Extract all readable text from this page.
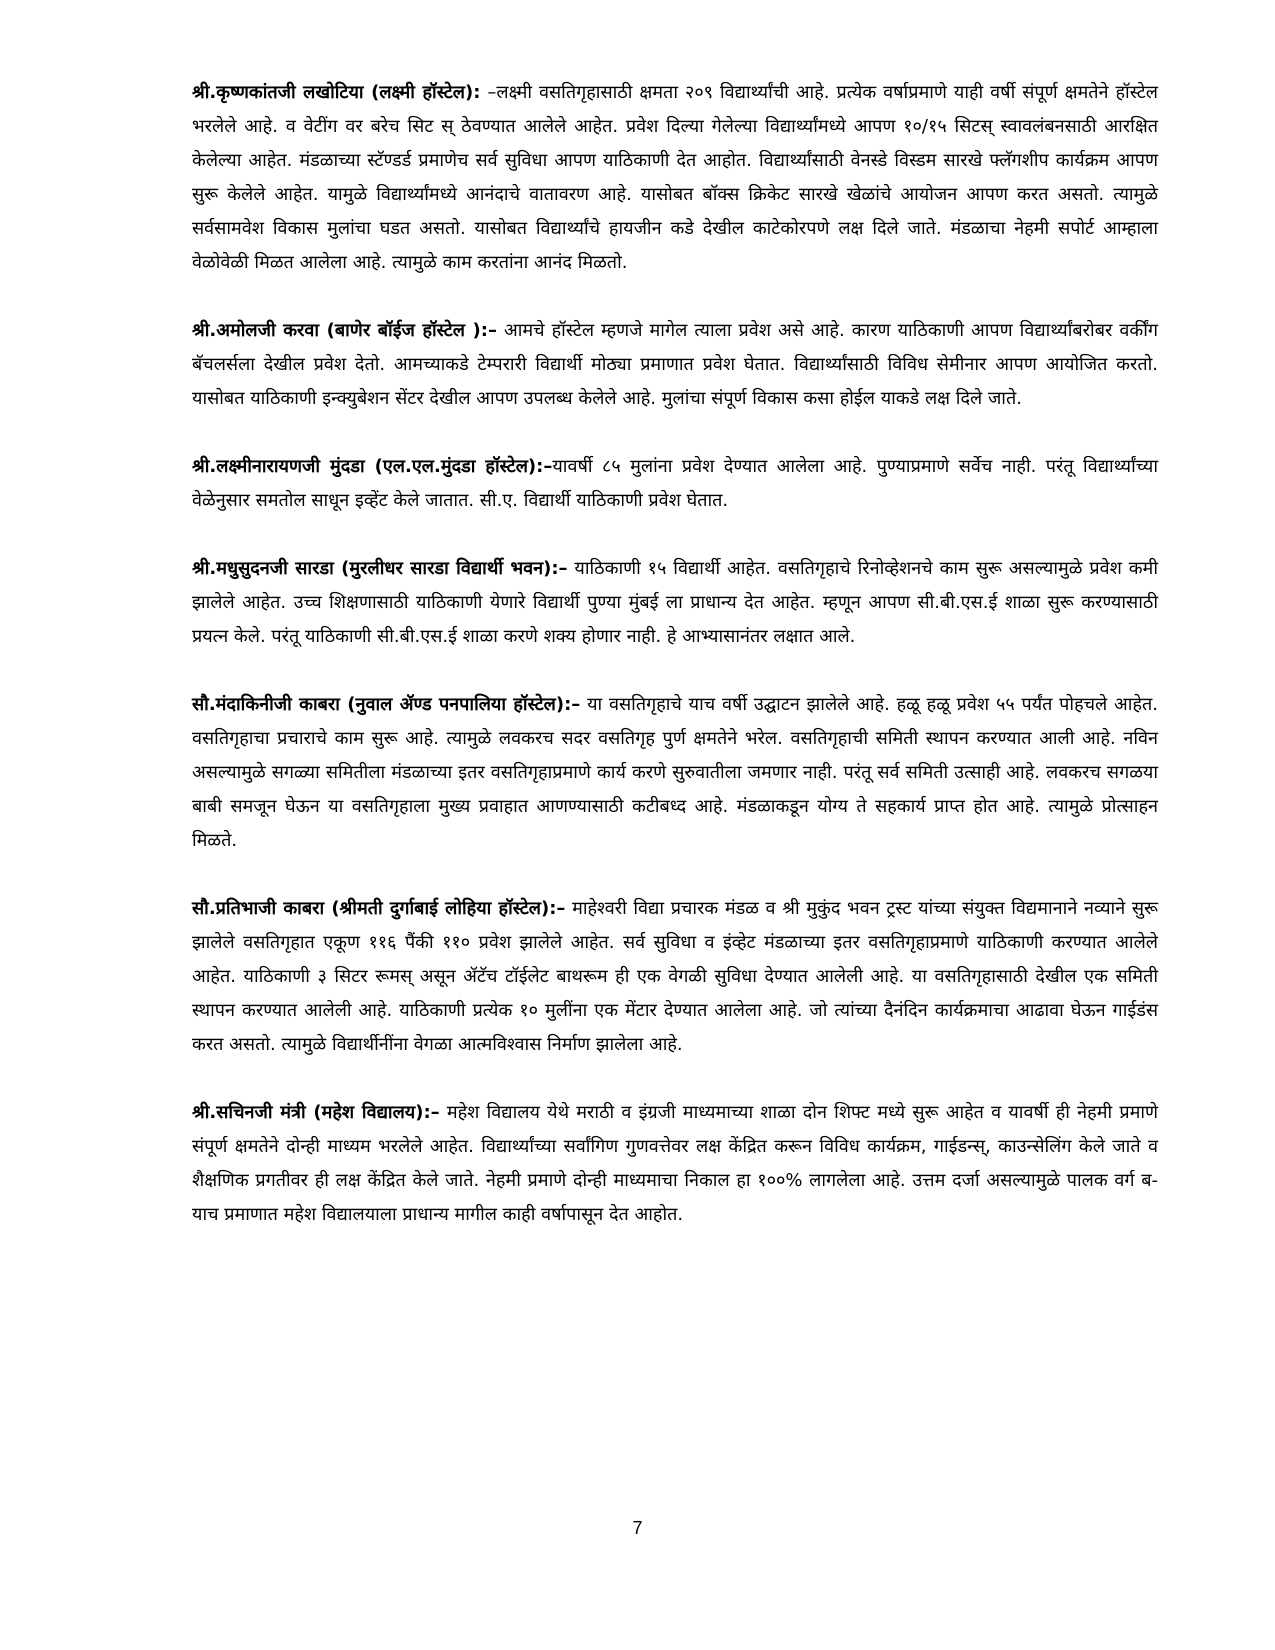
श्री.कृष्णकांतजी लखोटिया (लक्ष्मी हॉस्टेल): –लक्ष्मी वसतिगृहासाठी क्षमता २०९ विद्यार्थ्यांची आहे. प्रत्येक वर्षाप्रमाणे याही वर्षी संपूर्ण क्षमतेने हॉस्टेल भरलेले आहे. व वेटींग वर बरेच सिट स् ठेवण्यात आलेले आहेत. प्रवेश दिल्या गेलेल्या विद्यार्थ्यांमध्ये आपण १०/१५ सिटस् स्वावलंबनसाठी आरक्षित केलेल्या आहेत. मंडळाच्या स्टॅण्डर्ड प्रमाणेच सर्व सुविधा आपण याठिकाणी देत आहोत. विद्यार्थ्यांसाठी वेनस्डे विस्डम सारखे फ्लॅगशीप कार्यक्रम आपण सुरू केलेले आहेत. यामुळे विद्यार्थ्यांमध्ये आनंदाचे वातावरण आहे. यासोबत बॉक्स क्रिकेट सारखे खेळांचे आयोजन आपण करत असतो. त्यामुळे सर्वसामवेश विकास मुलांचा घडत असतो. यासोबत विद्यार्थ्यांचे हायजीन कडे देखील काटेकोरपणे लक्ष दिले जाते. मंडळाचा नेहमी सपोर्ट आम्हाला वेळोवेळी मिळत आलेला आहे. त्यामुळे काम करतांना आनंद मिळतो.

श्री.अमोलजी करवा (बाणेर बॉईज हॉस्टेल ):– आमचे हॉस्टेल म्हणजे मागेल त्याला प्रवेश असे आहे. कारण याठिकाणी आपण विद्यार्थ्यांबरोबर वर्कींग बॅचलर्सला देखील प्रवेश देतो. आमच्याकडे टेम्परारी विद्यार्थी मोठ्या प्रमाणात प्रवेश घेतात. विद्यार्थ्यांसाठी विविध सेमीनार आपण आयोजित करतो. यासोबत याठिकाणी इन्क्युबेशन सेंटर देखील आपण उपलब्ध केलेले आहे. मुलांचा संपूर्ण विकास कसा होईल याकडे लक्ष दिले जाते.

श्री.लक्ष्मीनारायणजी मुंदडा (एल.एल.मुंदडा हॉस्टेल):–यावर्षी ८५ मुलांना प्रवेश देण्यात आलेला आहे. पुण्याप्रमाणे सर्वेच नाही. परंतू विद्यार्थ्यांच्या वेळेनुसार समतोल साधून इव्हेंट केले जातात. सी.ए. विद्यार्थी याठिकाणी प्रवेश घेतात.

श्री.मधुसुदनजी सारडा (मुरलीधर सारडा विद्यार्थी भवन):– याठिकाणी १५ विद्यार्थी आहेत. वसतिगृहाचे रिनोव्हेशनचे काम सुरू असल्यामुळे प्रवेश कमी झालेले आहेत. उच्च शिक्षणासाठी याठिकाणी येणारे विद्यार्थी पुण्या मुंबई ला प्राधान्य देत आहेत. म्हणून आपण सी.बी.एस.ई शाळा सुरू करण्यासाठी प्रयत्न केले. परंतू याठिकाणी सी.बी.एस.ई शाळा करणे शक्य होणार नाही. हे आभ्यासानंतर लक्षात आले.

सौ.मंदाकिनीजी काबरा (नुवाल ॲण्ड पनपालिया हॉस्टेल):– या वसतिगृहाचे याच वर्षी उद्घाटन झालेले आहे. हळू हळू प्रवेश ५५ पर्यंत पोहचले आहेत. वसतिगृहाचा प्रचाराचे काम सुरू आहे. त्यामुळे लवकरच सदर वसतिगृह पुर्ण क्षमतेने भरेल. वसतिगृहाची समिती स्थापन करण्यात आली आहे. नविन असल्यामुळे सगळ्या समितीला मंडळाच्या इतर वसतिगृहाप्रमाणे कार्य करणे सुरुवातीला जमणार नाही. परंतू सर्व समिती उत्साही आहे. लवकरच सगळया बाबी समजून घेऊन या वसतिगृहाला मुख्य प्रवाहात आणण्यासाठी कटीबध्द आहे. मंडळाकडून योग्य ते सहकार्य प्राप्त होत आहे. त्यामुळे प्रोत्साहन मिळते.

सौ.प्रतिभाजी काबरा (श्रीमती दुर्गाबाई लोहिया हॉस्टेल):– माहेश्वरी विद्या प्रचारक मंडळ व श्री मुकुंद भवन ट्रस्ट यांच्या संयुक्त विद्यमानाने नव्याने सुरू झालेले वसतिगृहात एकूण ११६ पैंकी ११० प्रवेश झालेले आहेत. सर्व सुविधा व इंव्हेट मंडळाच्या इतर वसतिगृहाप्रमाणे याठिकाणी करण्यात आलेले आहेत. याठिकाणी ३ सिटर रूमस् असून ॲटॅच टॉईलेट बाथरूम ही एक वेगळी सुविधा देण्यात आलेली आहे. या वसतिगृहासाठी देखील एक समिती स्थापन करण्यात आलेली आहे. याठिकाणी प्रत्येक १० मुलींना एक मेंटार देण्यात आलेला आहे. जो त्यांच्या दैनंदिन कार्यक्रमाचा आढावा घेऊन गाईडंस करत असतो. त्यामुळे विद्यार्थीनींना वेगळा आत्मविश्वास निर्माण झालेला आहे.

श्री.सचिनजी मंत्री (महेश विद्यालय):– महेश विद्यालय येथे मराठी व इंग्रजी माध्यमाच्या शाळा दोन शिफ्ट मध्ये सुरू आहेत व यावर्षी ही नेहमी प्रमाणे संपूर्ण क्षमतेने दोन्ही माध्यम भरलेले आहेत. विद्यार्थ्यांच्या सर्वांगिण गुणवत्तेवर लक्ष केंद्रित करून विविध कार्यक्रम, गाईडन्स्, काउन्सेलिंग केले जाते व शैक्षणिक प्रगतीवर ही लक्ष केंद्रित केले जाते. नेहमी प्रमाणे दोन्ही माध्यमाचा निकाल हा १००% लागलेला आहे. उत्तम दर्जा असल्यामुळे पालक वर्ग ब-याच प्रमाणात महेश विद्यालयाला प्राधान्य मागील काही वर्षापासून देत आहोत.

7
